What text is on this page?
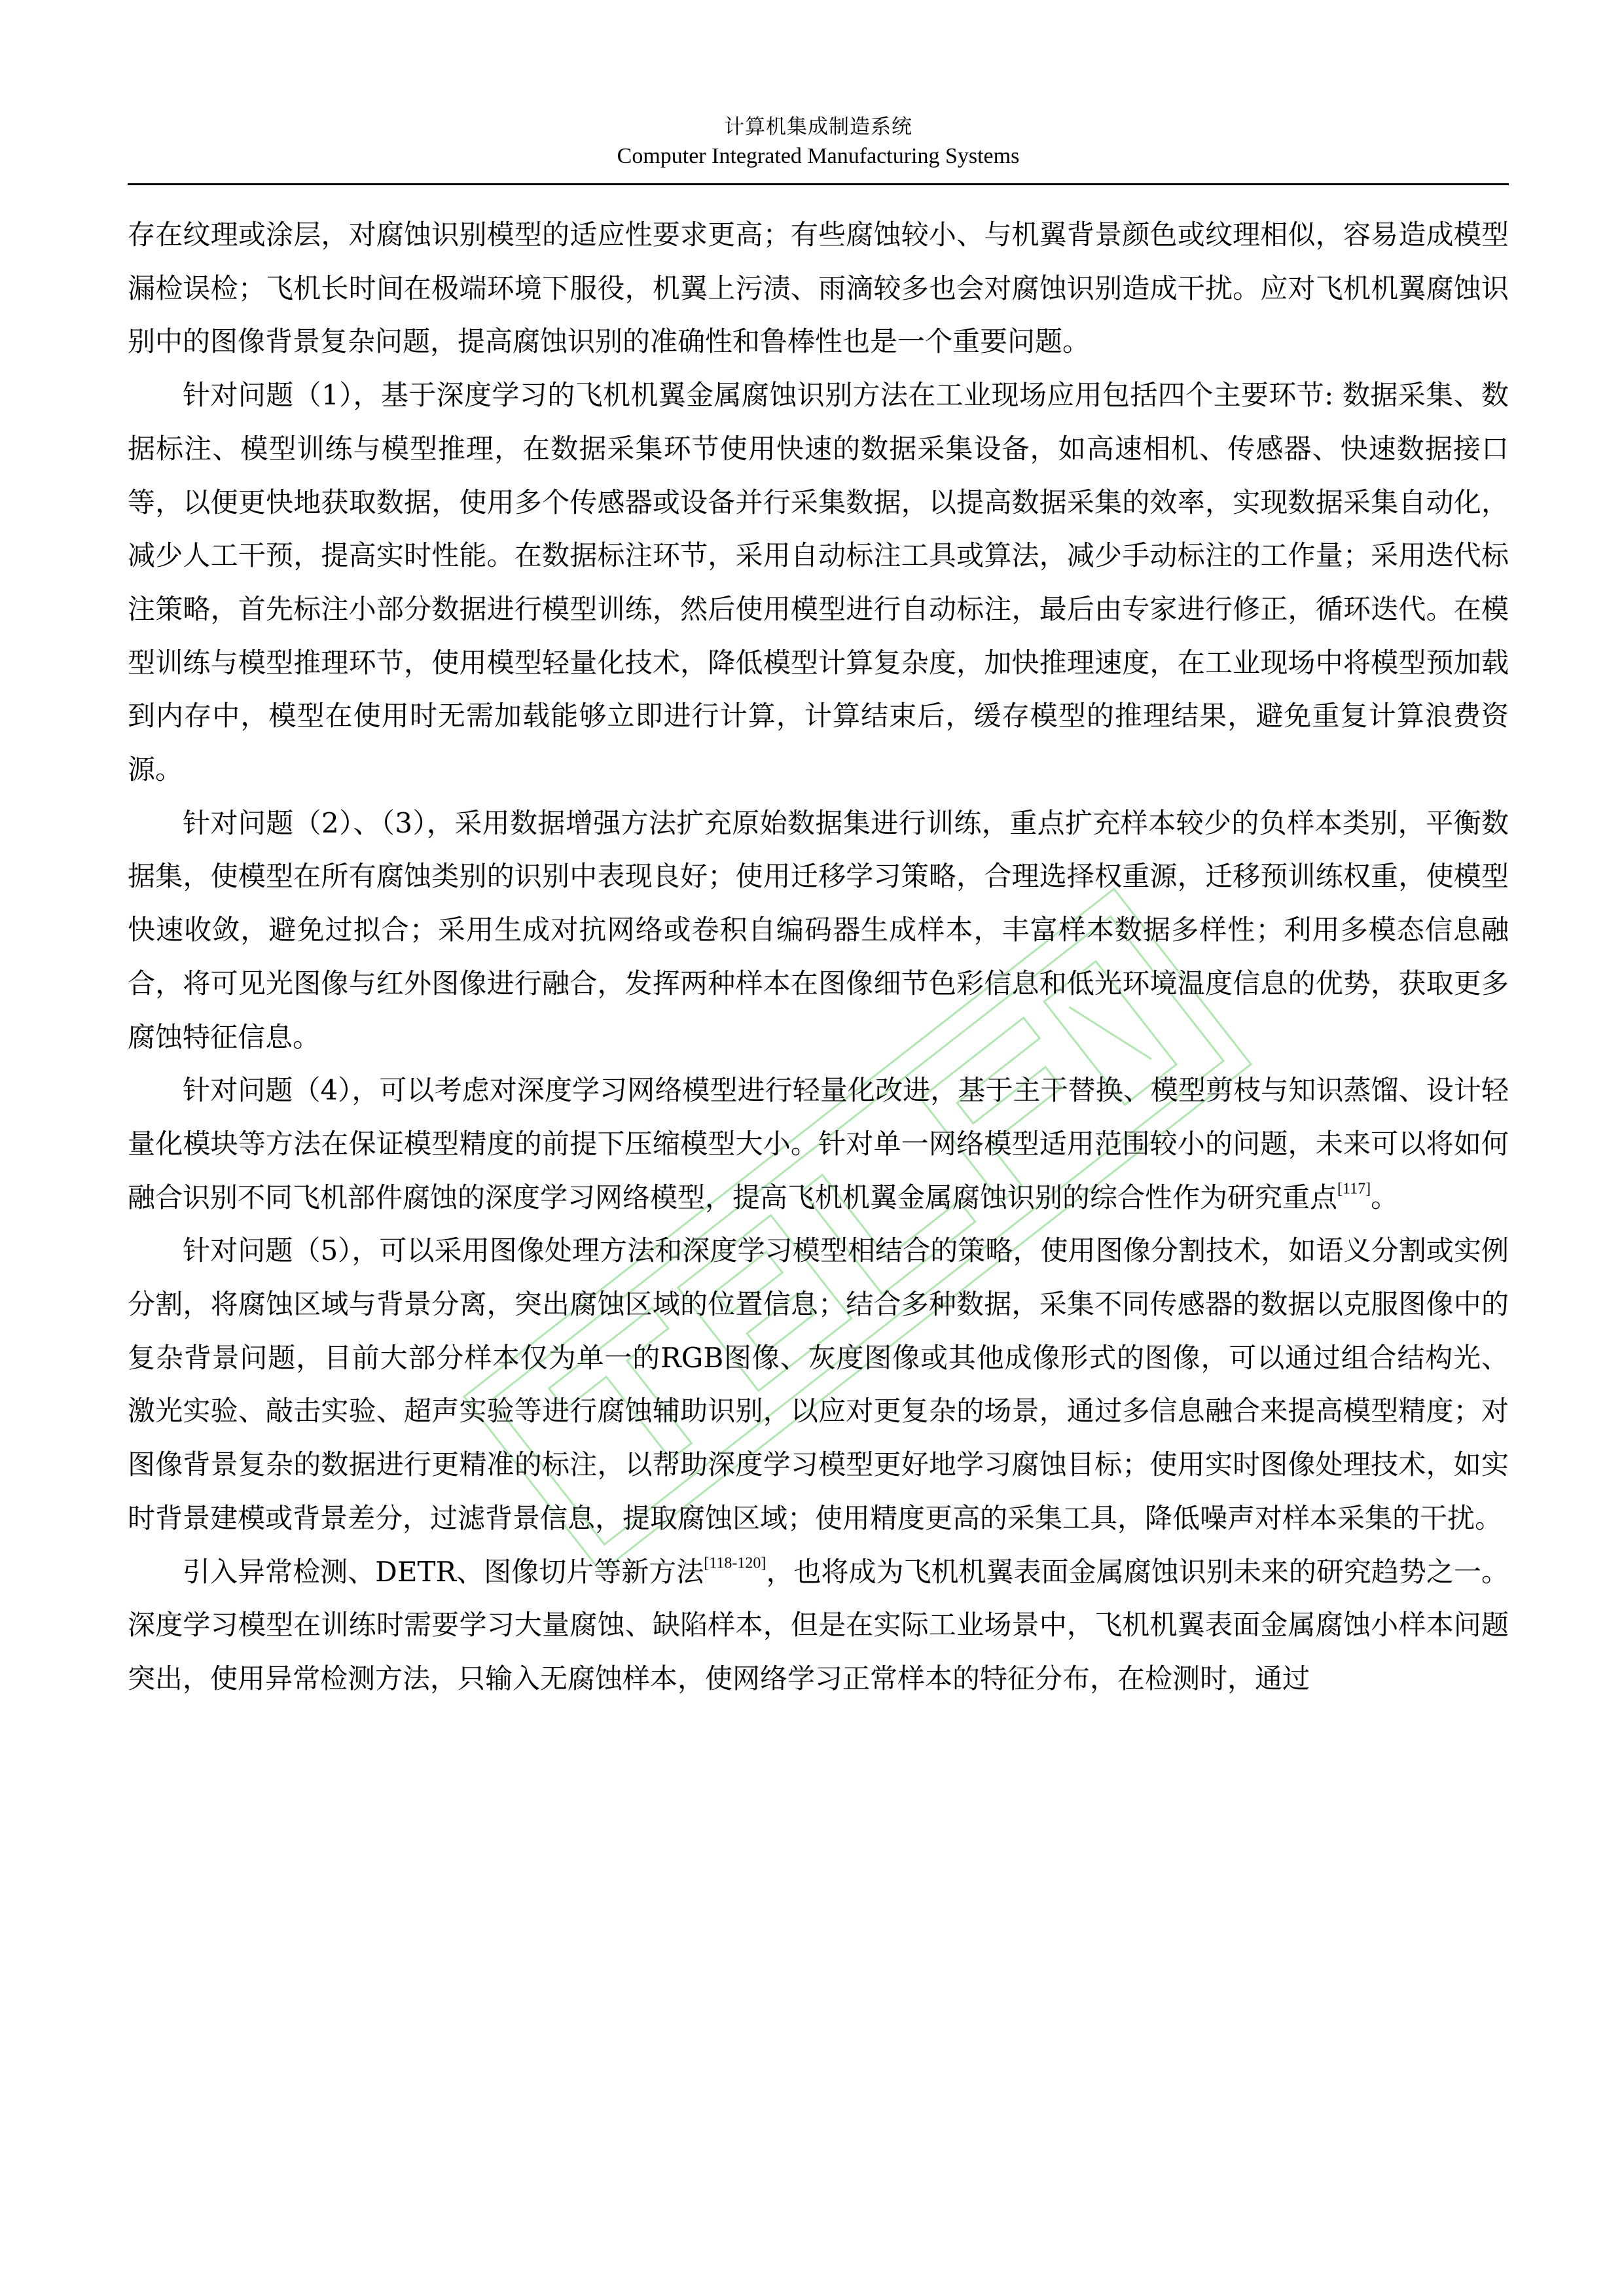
计算机集成制造系统
Computer Integrated Manufacturing Systems

存在纹理或涂层，对腐蚀识别模型的适应性要求更高；有些腐蚀较小、与机翼背景颜色或纹理相似，容易造成模型漏检误检；飞机长时间在极端环境下服役，机翼上污渍、雨滴较多也会对腐蚀识别造成干扰。应对飞机机翼腐蚀识别中的图像背景复杂问题，提高腐蚀识别的准确性和鲁棒性也是一个重要问题。

针对问题（1），基于深度学习的飞机机翼金属腐蚀识别方法在工业现场应用包括四个主要环节: 数据采集、数据标注、模型训练与模型推理，在数据采集环节使用快速的数据采集设备，如高速相机、传感器、快速数据接口等，以便更快地获取数据，使用多个传感器或设备并行采集数据，以提高数据采集的效率，实现数据采集自动化，减少人工干预，提高实时性能。在数据标注环节，采用自动标注工具或算法，减少手动标注的工作量；采用迭代标注策略，首先标注小部分数据进行模型训练，然后使用模型进行自动标注，最后由专家进行修正，循环迭代。在模型训练与模型推理环节，使用模型轻量化技术，降低模型计算复杂度，加快推理速度，在工业现场中将模型预加载到内存中，模型在使用时无需加载能够立即进行计算，计算结束后，缓存模型的推理结果，避免重复计算浪费资源。

针对问题（2）、（3），采用数据增强方法扩充原始数据集进行训练，重点扩充样本较少的负样本类别，平衡数据集，使模型在所有腐蚀类别的识别中表现良好；使用迁移学习策略，合理选择权重源，迁移预训练权重，使模型快速收敛，避免过拟合；采用生成对抗网络或卷积自编码器生成样本，丰富样本数据多样性；利用多模态信息融合，将可见光图像与红外图像进行融合，发挥两种样本在图像细节色彩信息和低光环境温度信息的优势，获取更多腐蚀特征信息。

针对问题（4），可以考虑对深度学习网络模型进行轻量化改进，基于主干替换、模型剪枝与知识蒸馏、设计轻量化模块等方法在保证模型精度的前提下压缩模型大小。针对单一网络模型适用范围较小的问题，未来可以将如何融合识别不同飞机部件腐蚀的深度学习网络模型，提高飞机机翼金属腐蚀识别的综合性作为研究重点[117]。

针对问题（5），可以采用图像处理方法和深度学习模型相结合的策略，使用图像分割技术，如语义分割或实例分割，将腐蚀区域与背景分离，突出腐蚀区域的位置信息；结合多种数据，采集不同传感器的数据以克服图像中的复杂背景问题，目前大部分样本仅为单一的RGB图像、灰度图像或其他成像形式的图像，可以通过组合结构光、激光实验、敲击实验、超声实验等进行腐蚀辅助识别，以应对更复杂的场景，通过多信息融合来提高模型精度；对图像背景复杂的数据进行更精准的标注，以帮助深度学习模型更好地学习腐蚀目标；使用实时图像处理技术，如实时背景建模或背景差分，过滤背景信息，提取腐蚀区域；使用精度更高的采集工具，降低噪声对样本采集的干扰。

引入异常检测、DETR、图像切片等新方法[118-120]，也将成为飞机机翼表面金属腐蚀识别未来的研究趋势之一。深度学习模型在训练时需要学习大量腐蚀、缺陷样本，但是在实际工业场景中，飞机机翼表面金属腐蚀小样本问题突出，使用异常检测方法，只输入无腐蚀样本，使网络学习正常样本的特征分布，在检测时，通过
